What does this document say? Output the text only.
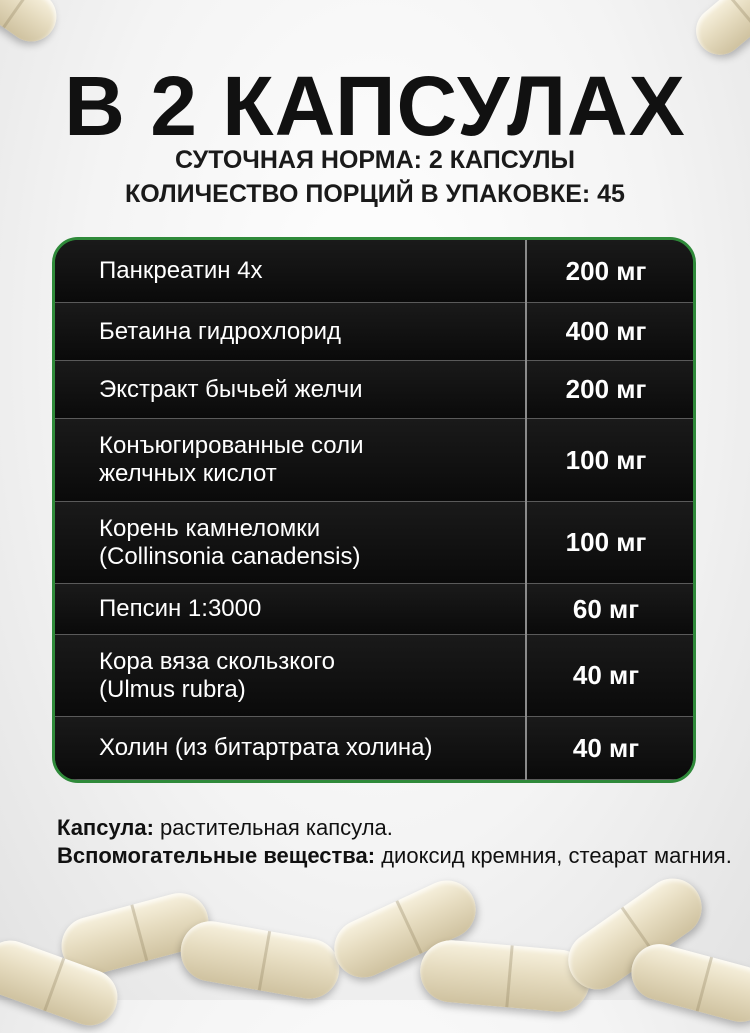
В 2 КАПСУЛАХ

СУТОЧНАЯ НОРМА: 2 КАПСУЛЫ

КОЛИЧЕСТВО ПОРЦИЙ В УПАКОВКЕ: 45

Панкреатин 4х	200 мг
Бетаина гидрохлорид	400 мг
Экстракт бычьей желчи	200 мг
Конъюгированные соли
желчных кислот	100 мг
Корень камнеломки
(Collinsonia canadensis)	100 мг
Пепсин 1:3000	60 мг
Кора вяза скользкого
(Ulmus rubra)	40 мг
Холин (из битартрата холина)	40 мг
Капсула: растительная капсула.
Вспомогательные вещества: диоксид кремния, стеарат магния.
